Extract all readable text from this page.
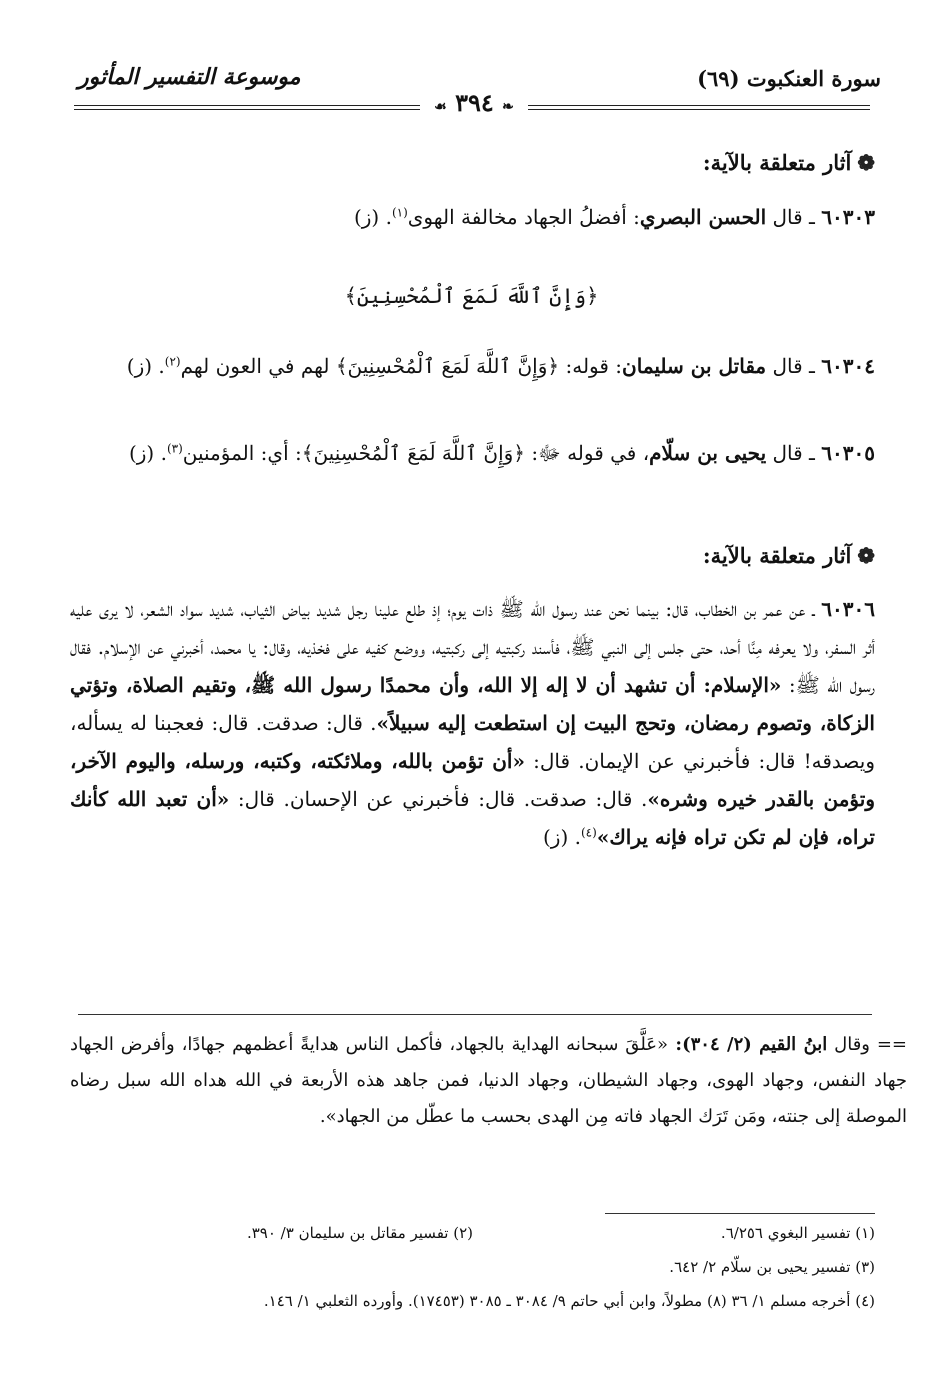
سورة العنكبوت (٦٩)
موسوعة التفسير المأثور
❧ ٣٩٤ ☙
❁آثار متعلقة بالآية:
٦٠٣٠٣ ـ قال الحسن البصري: أفضلُ الجهاد مخالفة الهوى$^{(١)}$. (ز)
﴿وَإِنَّ ٱللَّهَ لَمَعَ ٱلْمُحْسِنِينَ﴾
٦٠٣٠٤ ـ قال مقاتل بن سليمان: قوله: ﴿وَإِنَّ ٱللَّهَ لَمَعَ ٱلْمُحْسِنِينَ﴾ لهم في العون لهم$^{(٢)}$. (ز)
٦٠٣٠٥ ـ قال يحيى بن سلّام، في قوله ﷻ: ﴿وَإِنَّ ٱللَّهَ لَمَعَ ٱلْمُحْسِنِينَ﴾: أي: المؤمنين$^{(٣)}$. (ز)
❁آثار متعلقة بالآية:
٦٠٣٠٦ ـ عن عمر بن الخطاب، قال: بينما نحن عند رسول الله ﷺ ذات يوم؛ إذ طلع علينا رجل شديد بياض الثياب، شديد سواد الشعر، لا يرى عليه أثر السفر، ولا يعرفه مِنَّا أحد، حتى جلس إلى النبي ﷺ، فأسند ركبتيه إلى ركبتيه، ووضع كفيه على فخذيه، وقال: يا محمد، أخبرني عن الإسلام. فقال رسول الله ﷺ: «الإسلام: أن تشهد أن لا إله إلا الله، وأن محمدًا رسول الله ﷺ، وتقيم الصلاة، وتؤتي الزكاة، وتصوم رمضان، وتحج البيت إن استطعت إليه سبيلاً». قال: صدقت. قال: فعجبنا له يسأله، ويصدقه! قال: فأخبرني عن الإيمان. قال: «أن تؤمن بالله، وملائكته، وكتبه، ورسله، واليوم الآخر، وتؤمن بالقدر خيره وشره». قال: صدقت. قال: فأخبرني عن الإحسان. قال: «أن تعبد الله كأنك تراه، فإن لم تكن تراه فإنه يراك»$^{(٤)}$. (ز)
== وقال ابنُ القيم (٢/ ٣٠٤): «عَلَّقَ سبحانه الهداية بالجهاد، فأكمل الناس هدايةً أعظمهم جهادًا، وأفرض الجهاد جهاد النفس، وجهاد الهوى، وجهاد الشيطان، وجهاد الدنيا، فمن جاهد هذه الأربعة في الله هداه الله سبل رضاه الموصلة إلى جنته، ومَن تَرَك الجهاد فاته مِن الهدى بحسب ما عطّل من الجهاد».
(١) تفسير البغوي ٦/٢٥٦.
(٢) تفسير مقاتل بن سليمان ٣/ ٣٩٠.
(٣) تفسير يحيى بن سلّام ٢/ ٦٤٢.
(٤) أخرجه مسلم ١/ ٣٦ (٨) مطولاً، وابن أبي حاتم ٩/ ٣٠٨٤ ـ ٣٠٨٥ (١٧٤٥٣). وأورده الثعلبي ١/ ١٤٦.
